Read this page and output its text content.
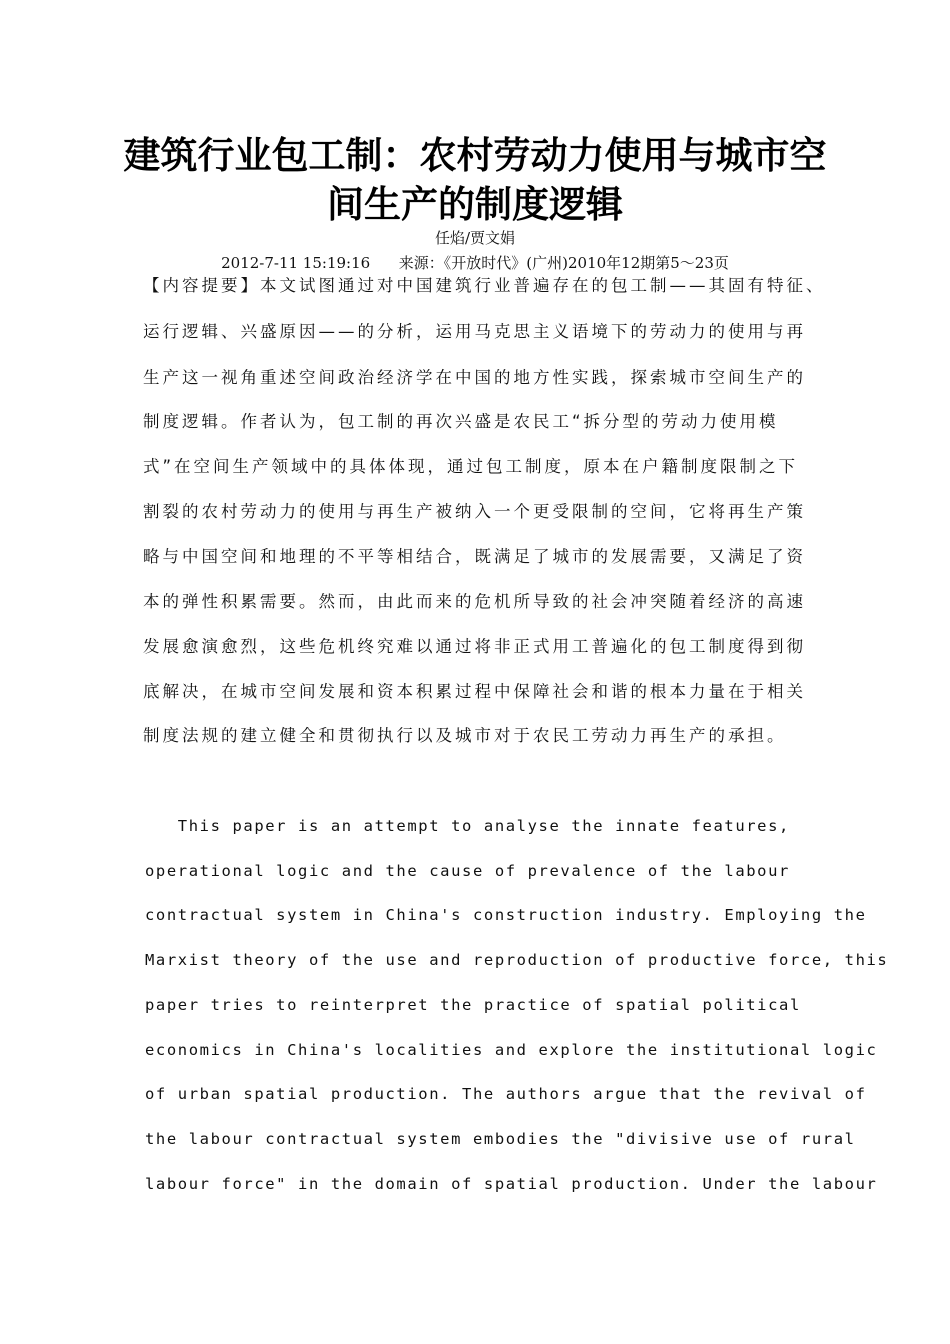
建筑行业包工制：农村劳动力使用与城市空
间生产的制度逻辑
任焰/贾文娟
2012-7-11 15:19:16      来源：《开放时代》(广州)2010年12期第5～23页
【内容提要】本文试图通过对中国建筑行业普遍存在的包工制——其固有特征、
运行逻辑、兴盛原因——的分析，运用马克思主义语境下的劳动力的使用与再
生产这一视角重述空间政治经济学在中国的地方性实践，探索城市空间生产的
制度逻辑。作者认为，包工制的再次兴盛是农民工“拆分型的劳动力使用模
式”在空间生产领域中的具体体现，通过包工制度，原本在户籍制度限制之下
割裂的农村劳动力的使用与再生产被纳入一个更受限制的空间，它将再生产策
略与中国空间和地理的不平等相结合，既满足了城市的发展需要，又满足了资
本的弹性积累需要。然而，由此而来的危机所导致的社会冲突随着经济的高速
发展愈演愈烈，这些危机终究难以通过将非正式用工普遍化的包工制度得到彻
底解决，在城市空间发展和资本积累过程中保障社会和谐的根本力量在于相关
制度法规的建立健全和贯彻执行以及城市对于农民工劳动力再生产的承担。
This paper is an attempt to analyse the innate features,
operational logic and the cause of prevalence of the labour
contractual system in China's construction industry. Employing the
Marxist theory of the use and reproduction of productive force, this
paper tries to reinterpret the practice of spatial political
economics in China's localities and explore the institutional logic
of urban spatial production. The authors argue that the revival of
the labour contractual system embodies the "divisive use of rural
labour force" in the domain of spatial production. Under the labour
